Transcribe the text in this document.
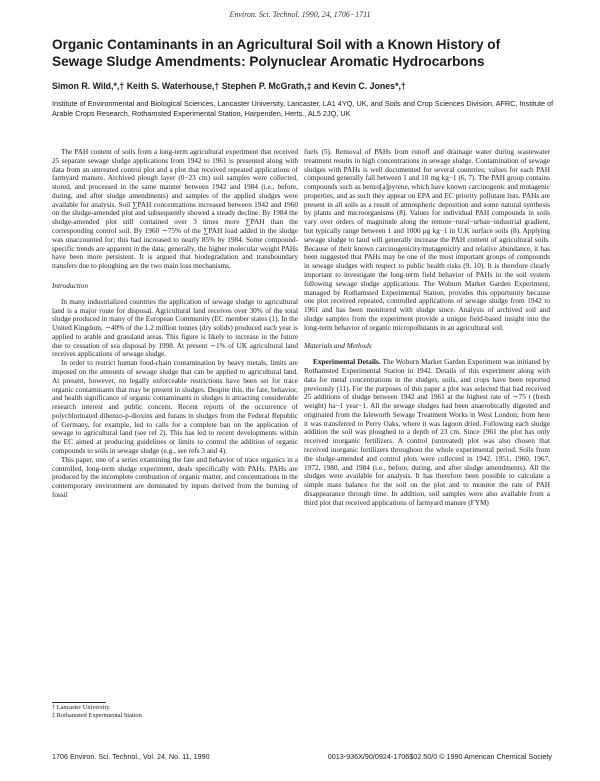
Environ. Sci. Technol. 1990, 24, 1706−1711
Organic Contaminants in an Agricultural Soil with a Known History of Sewage Sludge Amendments: Polynuclear Aromatic Hydrocarbons
Simon R. Wild,*,† Keith S. Waterhouse,† Stephen P. McGrath,‡ and Kevin C. Jones*,†
Institute of Environmental and Biological Sciences, Lancaster University, Lancaster, LA1 4YQ, UK, and Soils and Crop Sciences Division, AFRC, Institute of Arable Crops Research, Rothamsted Experimental Station, Harpenden, Herts., AL5 2JQ, UK

The PAH content of soils from a long-term agricultural experiment that received 25 separate sewage sludge applications from 1942 to 1961 is presented along with data from an untreated control plot and a plot that received repeated applications of farmyard manure. Archived plough layer (0−23 cm) soil samples were collected, stored, and processed in the same manner between 1942 and 1984 (i.e., before, during, and after sludge amendments) and samples of the applied sludges were available for analysis. Soil ∑PAH concentrations increased between 1942 and 1960 on the sludge-amended plot and subsequently showed a steady decline. By 1984 the sludge-amended plot still contained over 3 times more ∑PAH than the corresponding control soil. By 1960 ∼75% of the ∑PAH load added in the sludge was unaccounted for; this had increased to nearly 85% by 1984. Some compound-specific trends are apparent in the data; generally, the higher molecular weight PAHs have been more persistent. It is argued that biodegradation and transboundary transfers due to ploughing are the two main loss mechanisms.

Introduction

In many industrialized countries the application of sewage sludge to agricultural land is a major route for disposal. Agricultural land receives over 30% of the total sludge produced in many of the European Community (EC member states (1). In the United Kingdom, ∼40% of the 1.2 million tonnes (dry solids) produced each year is applied to arable and grassland areas. This figure is likely to increase in the future due to cessation of sea disposal by 1998. At present ∼1% of UK agricultural land receives applications of sewage sludge.

In order to restrict human food-chain contamination by heavy metals, limits are imposed on the amounts of sewage sludge that can be applied to agricultural land. At present, however, no legally enforceable restrictions have been set for trace organic contaminants that may be present in sludges. Despite this, the fate, behavior, and health significance of organic contaminants in sludges is attracting considerable research interest and public concern. Recent reports of the occurrence of polychlorinated dibenzo-p-dioxins and furans in sludges from the Federal Republic of Germany, for example, led to calls for a complete ban on the application of sewage to agricultural land (see ref 2). This has led to recent developments within the EC aimed at producing guidelines or limits to control the addition of organic compounds to soils in sewage sludge (e.g., see refs 3 and 4).

This paper, one of a series examining the fate and behavior of trace organics in a controlled, long-term sludge experiment, deals specifically with PAHs. PAHs are produced by the incomplete combustion of organic matter, and concentrations in the contemporary environment are dominated by inputs derived from the burning of fossil

fuels (5). Removal of PAHs from runoff and drainage water during wastewater treatment results in high concentrations in sewage sludge. Contamination of sewage sludges with PAHs is well documented for several countries; values for each PAH compound generally fall between 1 and 10 mg kg−1 (6, 7). The PAH group contains compounds such as benzo[a]pyrene, which have known carcinogenic and mutagenic properties, and as such they appear on EPA and EC priority pollutant lists. PAHs are present in all soils as a result of atmospheric deposition and some natural synthesis by plants and microorganisms (8). Values for individual PAH compounds in soils vary over orders of magnitude along the remote−rural−urban−industrial gradient, but typically range between 1 and 1000 μg kg−1 in U.K surface soils (8). Applying sewage sludge to land will generally increase the PAH content of agricultural soils. Because of their known carcinogenicity/mutagenicity and relative abundance, it has been suggested that PAHs may be one of the most important groups of compounds in sewage sludges with respect to public health risks (9, 10). It is therefore clearly important to investigate the long-term field behavior of PAHs in the soil system following sewage sludge applications. The Woburn Market Garden Experiment, managed by Rothamsted Experimental Station, provides this opportunity because one plot received repeated, controlled applications of sewage sludge from 1942 to 1961 and has been monitored with sludge since. Analysis of archived soil and sludge samples from the experiment provide a unique field-based insight into the long-term behavior of organic micropollutants in an agricultural soil.

Materials and Methods

Experimental Details. The Woburn Market Garden Experiment was initiated by Rothamsted Experimental Station in 1942. Details of this experiment along with data for metal concentrations in the sludges, soils, and crops have been reported previously (11). For the purposes of this paper a plot was selected that had received 25 additions of sludge between 1942 and 1961 at the highest rate of ∼75 t (fresh weight) ha−1 year−1. All the sewage sludges had been anaerobically digested and originated from the Isleworth Sewage Treatment Works in West London; from here it was transferred to Perry Oaks, where it was lagoon dried. Following each sludge addition the soil was ploughed to a depth of 23 cm. Since 1961 the plot has only received inorganic fertilizers. A control (untreated) plot was also chosen that received inorganic fertilizers throughout the whole experimental period. Soils from the sludge-amended and control plots were collected in 1942, 1951, 1960, 1967, 1972, 1980, and 1984 (i.e., before, during, and after sludge amendments). All the sludges were available for analysis. It has therefore been possible to calculate a simple mass balance for the soil on the plot and to monitor the rate of PAH disappearance through time. In addition, soil samples were also available from a third plot that received applications of farmyard manure (FYM)

† Lancaster University.
‡ Rothamsted Experimental Station.
1706 Environ. Sci. Technol., Vol. 24, No. 11, 1990	0013-936X/90/0924-1706$02.50/0 © 1990 American Chemical Society
